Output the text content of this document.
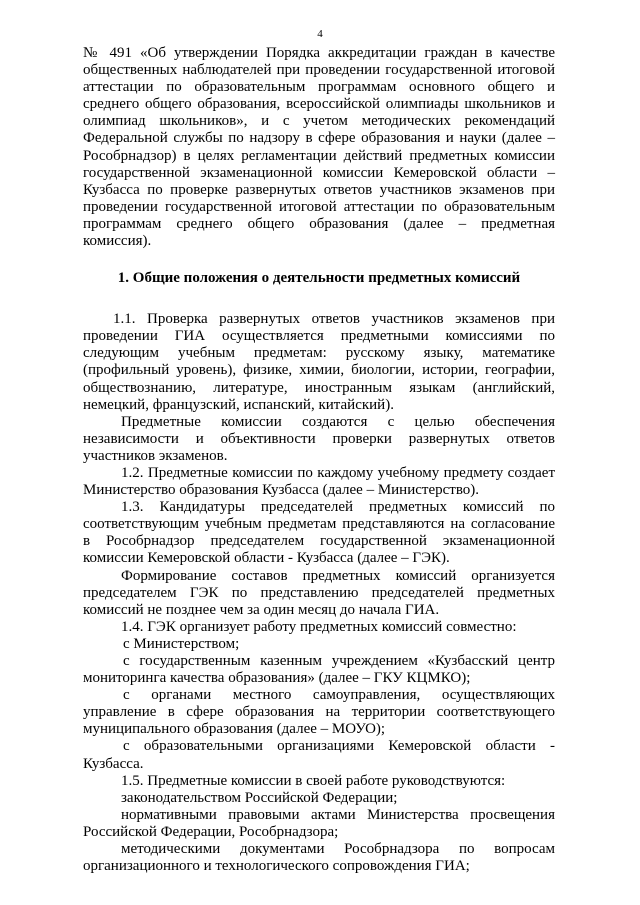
4

№ 491 «Об утверждении Порядка аккредитации граждан в качестве общественных наблюдателей при проведении государственной итоговой аттестации по образовательным программам основного общего и среднего общего образования, всероссийской олимпиады школьников и олимпиад школьников», и с учетом методических рекомендаций Федеральной службы по надзору в сфере образования и науки (далее – Рособрнадзор) в целях регламентации действий предметных комиссии государственной экзаменационной комиссии Кемеровской области – Кузбасса по проверке развернутых ответов участников экзаменов при проведении государственной итоговой аттестации по образовательным программам среднего общего образования (далее – предметная комиссия).

1. Общие положения о деятельности предметных комиссий

1.1. Проверка развернутых ответов участников экзаменов при проведении ГИА осуществляется предметными комиссиями по следующим учебным предметам: русскому языку, математике (профильный уровень), физике, химии, биологии, истории, географии, обществознанию, литературе, иностранным языкам (английский, немецкий, французский, испанский, китайский).

Предметные комиссии создаются с целью обеспечения независимости и объективности проверки развернутых ответов участников экзаменов.

1.2. Предметные комиссии по каждому учебному предмету создает Министерство образования Кузбасса (далее – Министерство).

1.3. Кандидатуры председателей предметных комиссий по соответствующим учебным предметам представляются на согласование в Рособрнадзор председателем государственной экзаменационной комиссии Кемеровской области - Кузбасса (далее – ГЭК).

Формирование составов предметных комиссий организуется председателем ГЭК по представлению председателей предметных комиссий не позднее чем за один месяц до начала ГИА.

1.4. ГЭК организует работу предметных комиссий совместно:

с Министерством;

с государственным казенным учреждением «Кузбасский центр мониторинга качества образования» (далее – ГКУ КЦМКО);

с органами местного самоуправления, осуществляющих управление в сфере образования на территории соответствующего муниципального образования (далее – МОУО);

с образовательными организациями Кемеровской области - Кузбасса.

1.5. Предметные комиссии в своей работе руководствуются:

законодательством Российской Федерации;

нормативными правовыми актами Министерства просвещения Российской Федерации, Рособрнадзора;

методическими документами Рособрнадзора по вопросам организационного и технологического сопровождения ГИА;
